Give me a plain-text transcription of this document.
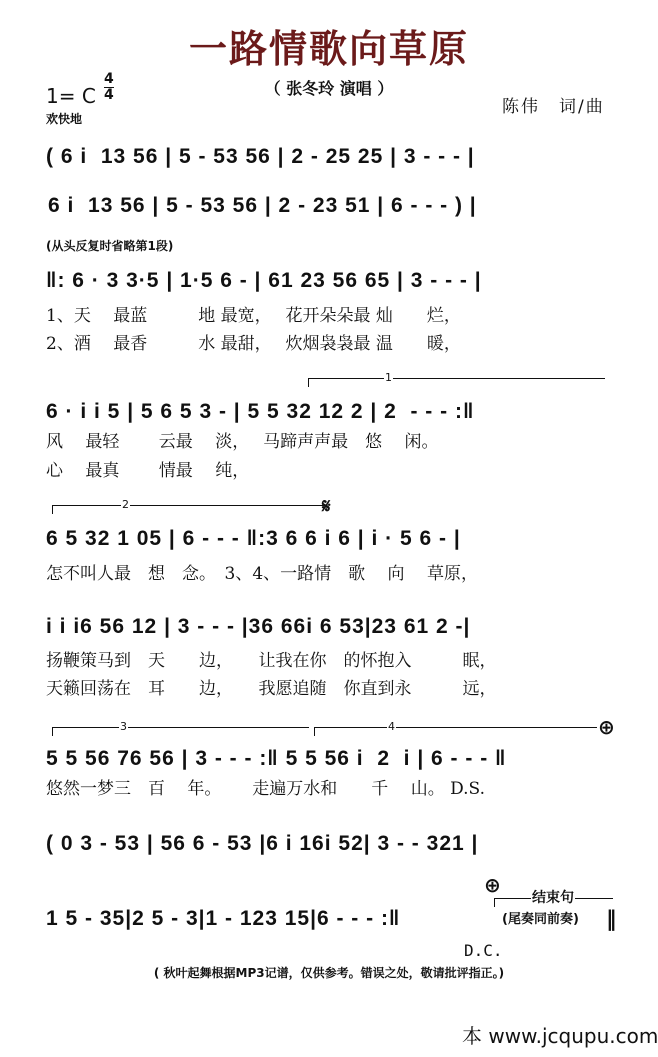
一路情歌向草原
（ 张冬玲 演唱 ）
1= C $\frac{4}{4}$
欢快地
陈伟　词/曲
( 6 i  13 56 | 5 - 53 56 | 2 - 25 25 | 3 - - - |
6 i  13 56 | 5 - 53 56 | 2 - 23 51 | 6 - - - ) |
(从头反复时省略第1段)
‖: 6 · 3 3·5 | 1·5 6 - | 61 23 56 65 | 3 - - - |
1、天　 最蓝　　　地 最宽，　 花开朵朵最 灿　　烂，
2、酒　 最香　　　水 最甜，　 炊烟袅袅最 温　　暖，
1
6 · i i 5 | 5 6 5 3 - | 5 5 32 12 2 | 2  - - - :‖
风　 最轻　　 云最　 淡，　 马蹄声声最　悠　 闲。
心　 最真　　 情最　 纯，
2	𝄋
6 5 32 1 05 | 6 - - - ‖:3 6 6 i 6 | i · 5 6 - |
怎不叫人最　想　念。　3、4、一路情　歌　 向　 草原，
i i i6 56 12 | 3 - - - |36 66i 6 53|23 61 2 -|
扬鞭策马到　天　　边，　　让我在你　的怀抱入　　　眠，
天籁回荡在　耳　　边，　　我愿追随　你直到永　　　远，
3	4	⊕
5 5 56 76 56 | 3 - - - :‖ 5 5 56 i  2  i | 6 - - - ‖
悠然一梦三　百　 年。　　 走遍万水和　　千　 山。 D.S.
( 0 3 - 53 | 56 6 - 53 |6 i 16i 52| 3 - - 321 |
⊕
结束句
1 5 - 35|2 5 - 3|1 - 123 15|6 - - - :‖	(尾奏同前奏) ‖
D.C.
( 秋叶起舞根据MP3记谱，仅供参考。错误之处，敬请批评指正。)
本 www.jcqupu.com
